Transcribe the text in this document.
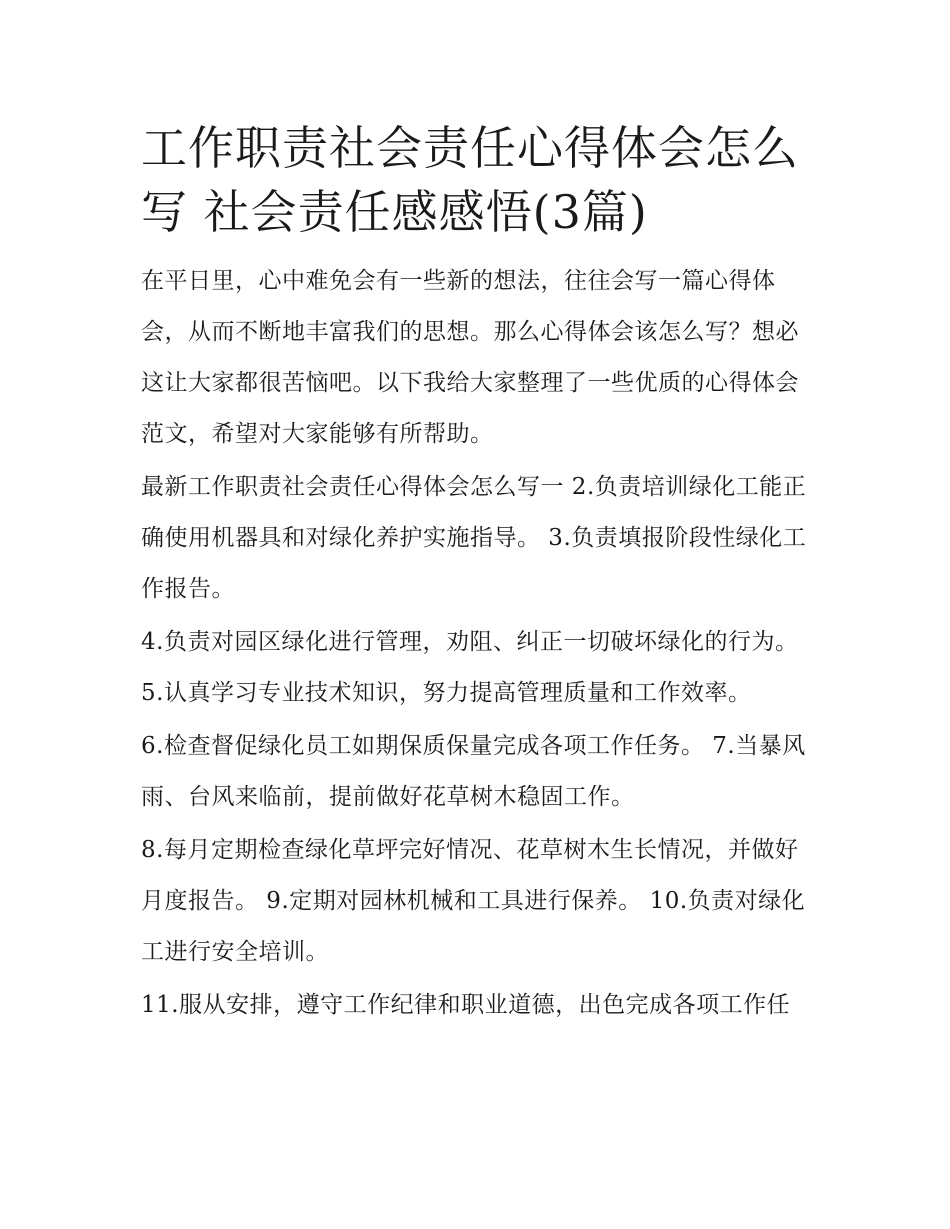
工作职责社会责任心得体会怎么写 社会责任感感悟(3篇)

在平日里，心中难免会有一些新的想法，往往会写一篇心得体会，从而不断地丰富我们的思想。那么心得体会该怎么写？想必这让大家都很苦恼吧。以下我给大家整理了一些优质的心得体会范文，希望对大家能够有所帮助。

最新工作职责社会责任心得体会怎么写一 2.负责培训绿化工能正确使用机器具和对绿化养护实施指导。 3.负责填报阶段性绿化工作报告。

4.负责对园区绿化进行管理，劝阻、纠正一切破坏绿化的行为。 5.认真学习专业技术知识，努力提高管理质量和工作效率。

6.检查督促绿化员工如期保质保量完成各项工作任务。 7.当暴风雨、台风来临前，提前做好花草树木稳固工作。

8.每月定期检查绿化草坪完好情况、花草树木生长情况，并做好月度报告。 9.定期对园林机械和工具进行保养。 10.负责对绿化工进行安全培训。

11.服从安排，遵守工作纪律和职业道德，出色完成各项工作任
